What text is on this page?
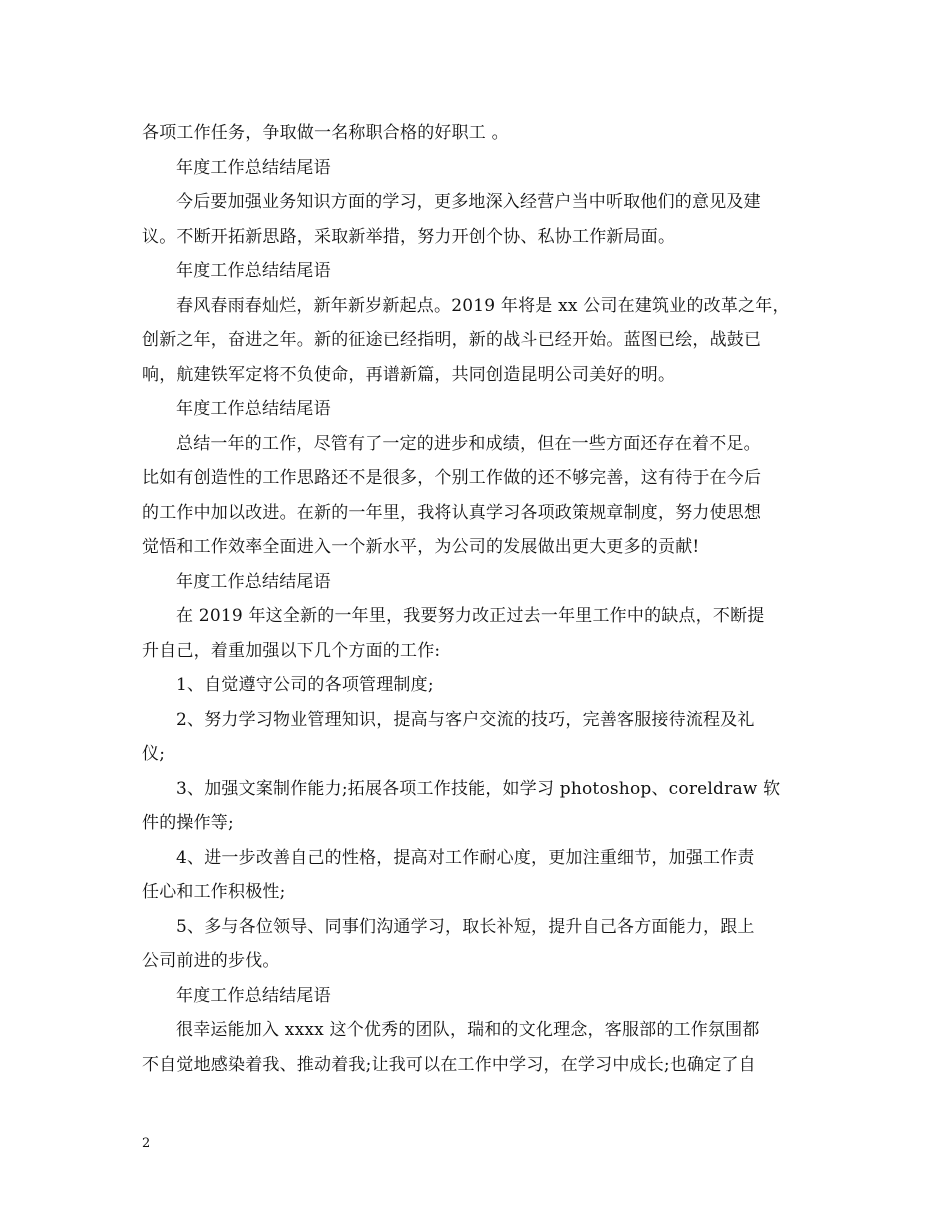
各项工作任务，争取做一名称职合格的好职工 。
年度工作总结结尾语
今后要加强业务知识方面的学习，更多地深入经营户当中听取他们的意见及建
议。不断开拓新思路，采取新举措，努力开创个协、私协工作新局面。
年度工作总结结尾语
春风春雨春灿烂，新年新岁新起点。2019 年将是 xx 公司在建筑业的改革之年，
创新之年，奋进之年。新的征途已经指明，新的战斗已经开始。蓝图已绘，战鼓已
响，航建铁军定将不负使命，再谱新篇，共同创造昆明公司美好的明。
年度工作总结结尾语
总结一年的工作，尽管有了一定的进步和成绩，但在一些方面还存在着不足。
比如有创造性的工作思路还不是很多，个别工作做的还不够完善，这有待于在今后
的工作中加以改进。在新的一年里，我将认真学习各项政策规章制度，努力使思想
觉悟和工作效率全面进入一个新水平，为公司的发展做出更大更多的贡献!
年度工作总结结尾语
在 2019 年这全新的一年里，我要努力改正过去一年里工作中的缺点，不断提
升自己，着重加强以下几个方面的工作:
1、自觉遵守公司的各项管理制度;
2、努力学习物业管理知识，提高与客户交流的技巧，完善客服接待流程及礼
仪;
3、加强文案制作能力;拓展各项工作技能，如学习 photoshop、coreldraw 软
件的操作等;
4、进一步改善自己的性格，提高对工作耐心度，更加注重细节，加强工作责
任心和工作积极性;
5、多与各位领导、同事们沟通学习，取长补短，提升自己各方面能力，跟上
公司前进的步伐。
年度工作总结结尾语
很幸运能加入 xxxx 这个优秀的团队，瑞和的文化理念，客服部的工作氛围都
不自觉地感染着我、推动着我;让我可以在工作中学习，在学习中成长;也确定了自
2
